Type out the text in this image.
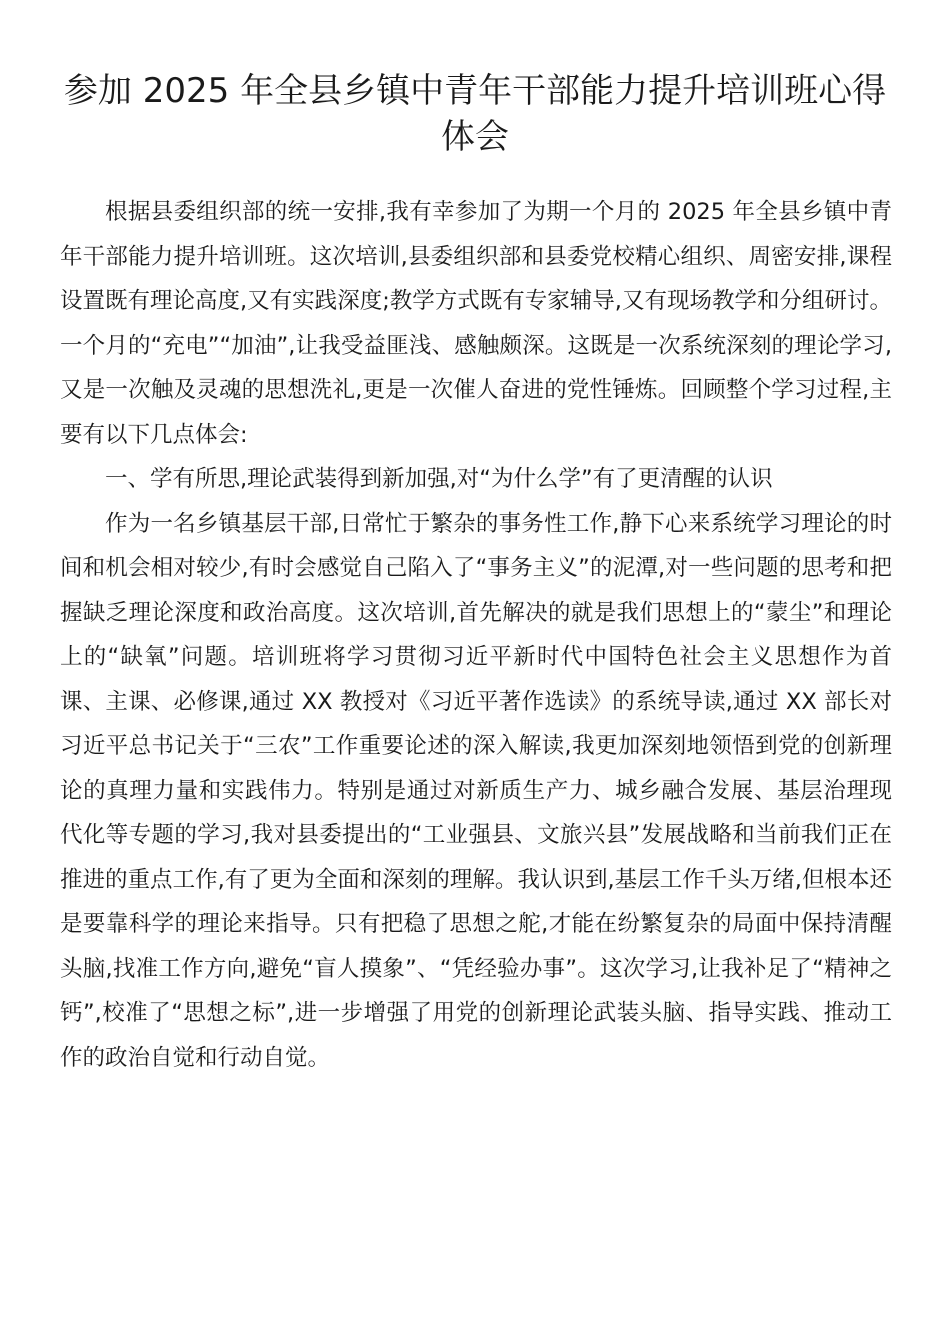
参加 2025 年全县乡镇中青年干部能力提升培训班心得体会

根据县委组织部的统一安排,我有幸参加了为期一个月的 2025 年全县乡镇中青年干部能力提升培训班。这次培训,县委组织部和县委党校精心组织、周密安排,课程设置既有理论高度,又有实践深度;教学方式既有专家辅导,又有现场教学和分组研讨。一个月的“充电”“加油”,让我受益匪浅、感触颇深。这既是一次系统深刻的理论学习,又是一次触及灵魂的思想洗礼,更是一次催人奋进的党性锤炼。回顾整个学习过程,主要有以下几点体会:

一、学有所思,理论武装得到新加强,对“为什么学”有了更清醒的认识

作为一名乡镇基层干部,日常忙于繁杂的事务性工作,静下心来系统学习理论的时间和机会相对较少,有时会感觉自己陷入了“事务主义”的泥潭,对一些问题的思考和把握缺乏理论深度和政治高度。这次培训,首先解决的就是我们思想上的“蒙尘”和理论上的“缺氧”问题。培训班将学习贯彻习近平新时代中国特色社会主义思想作为首课、主课、必修课,通过 XX 教授对《习近平著作选读》的系统导读,通过 XX 部长对习近平总书记关于“三农”工作重要论述的深入解读,我更加深刻地领悟到党的创新理论的真理力量和实践伟力。特别是通过对新质生产力、城乡融合发展、基层治理现代化等专题的学习,我对县委提出的“工业强县、文旅兴县”发展战略和当前我们正在推进的重点工作,有了更为全面和深刻的理解。我认识到,基层工作千头万绪,但根本还是要靠科学的理论来指导。只有把稳了思想之舵,才能在纷繁复杂的局面中保持清醒头脑,找准工作方向,避免“盲人摸象”、“凭经验办事”。这次学习,让我补足了“精神之钙”,校准了“思想之标”,进一步增强了用党的创新理论武装头脑、指导实践、推动工作的政治自觉和行动自觉。
